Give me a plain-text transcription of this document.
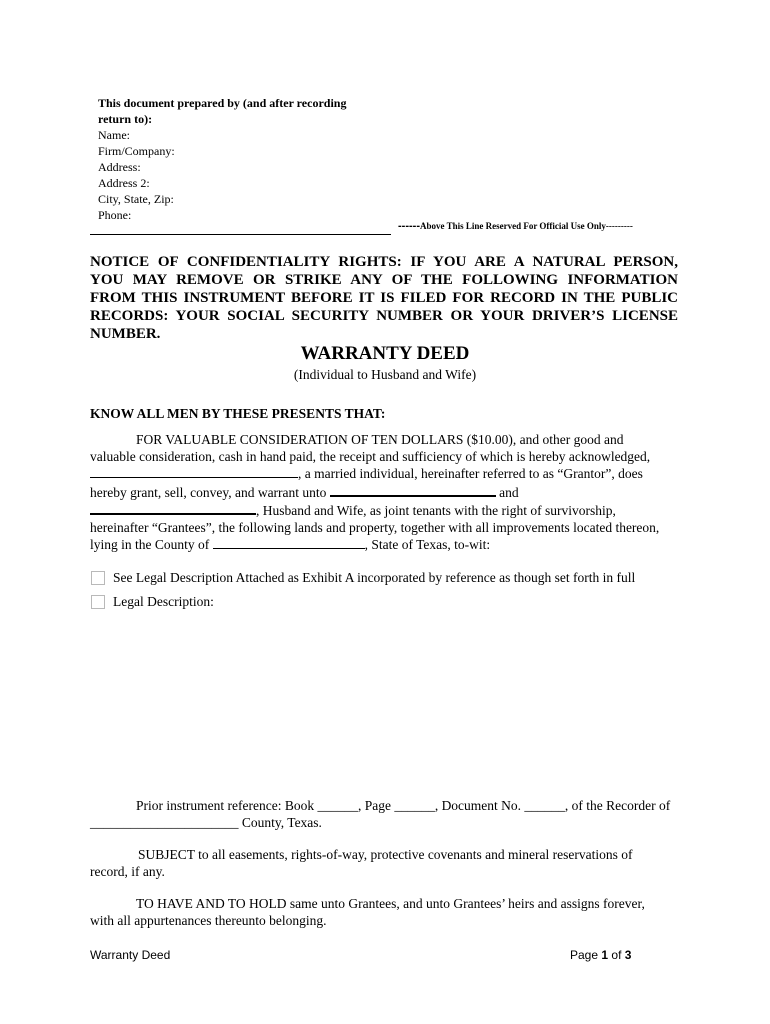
This document prepared by (and after recording
return to):
Name:
Firm/Company:
Address:
Address 2:
City, State, Zip:
Phone:
------Above This Line Reserved For Official Use Only---------
NOTICE OF CONFIDENTIALITY RIGHTS: IF YOU ARE A NATURAL PERSON,
YOU MAY REMOVE OR STRIKE ANY OF THE FOLLOWING INFORMATION
FROM THIS INSTRUMENT BEFORE IT IS FILED FOR RECORD IN THE PUBLIC
RECORDS: YOUR SOCIAL SECURITY NUMBER OR YOUR DRIVER’S LICENSE
NUMBER.
WARRANTY DEED
(Individual to Husband and Wife)
KNOW ALL MEN BY THESE PRESENTS THAT:
FOR VALUABLE CONSIDERATION OF TEN DOLLARS ($10.00), and other good and
valuable consideration, cash in hand paid, the receipt and sufficiency of which is hereby acknowledged,
, a married individual, hereinafter referred to as “Grantor”, does
hereby grant, sell, convey, and warrant unto	and
, Husband and Wife, as joint tenants with the right of survivorship,
hereinafter “Grantees”, the following lands and property, together with all improvements located thereon,
lying in the County of	, State of Texas, to-wit:
See Legal Description Attached as Exhibit A incorporated by reference as though set forth in full
Legal Description:
Prior instrument reference: Book ______, Page ______, Document No. ______, of the Recorder of
______________________ County, Texas.
SUBJECT to all easements, rights-of-way, protective covenants and mineral reservations of
record, if any.
TO HAVE AND TO HOLD same unto Grantees, and unto Grantees’ heirs and assigns forever,
with all appurtenances thereunto belonging.
Warranty Deed	Page 1 of 3
